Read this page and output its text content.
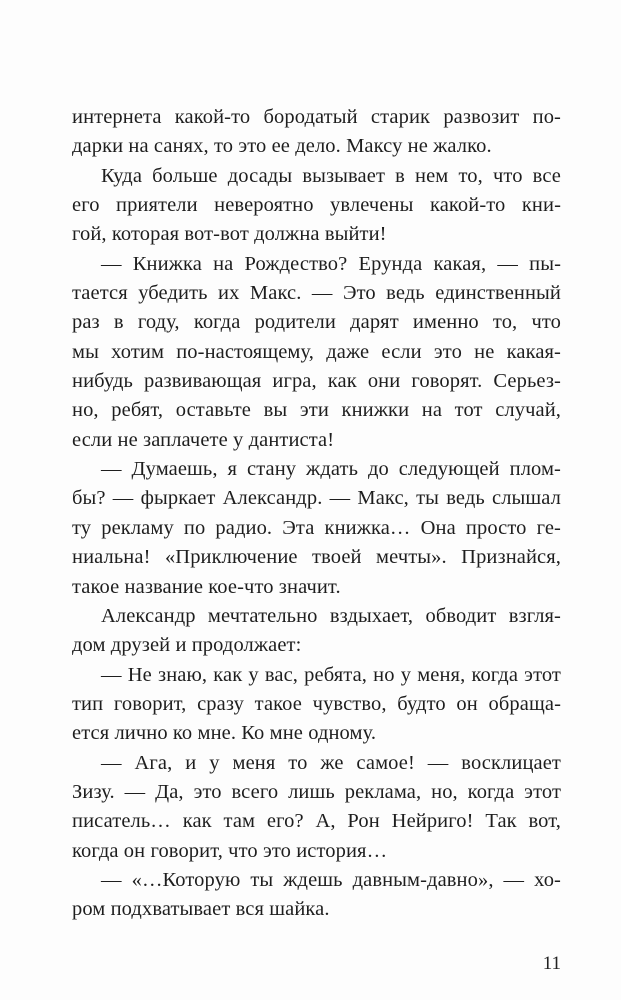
интернета какой-то бородатый старик развозит по-
дарки на санях, то это ее дело. Максу не жалко.
Куда больше досады вызывает в нем то, что все
его приятели невероятно увлечены какой-то кни-
гой, которая вот-вот должна выйти!
— Книжка на Рождество? Ерунда какая, — пы-
тается убедить их Макс. — Это ведь единственный
раз в году, когда родители дарят именно то, что
мы хотим по-настоящему, даже если это не какая-
нибудь развивающая игра, как они говорят. Серьез-
но, ребят, оставьте вы эти книжки на тот случай,
если не заплачете у дантиста!
— Думаешь, я стану ждать до следующей плом-
бы? — фыркает Александр. — Макс, ты ведь слышал
ту рекламу по радио. Эта книжка… Она просто ге-
ниальна! «Приключение твоей мечты». Признайся,
такое название кое-что значит.
Александр мечтательно вздыхает, обводит взгля-
дом друзей и продолжает:
— Не знаю, как у вас, ребята, но у меня, когда этот
тип говорит, сразу такое чувство, будто он обраща-
ется лично ко мне. Ко мне одному.
— Ага, и у меня то же самое! — восклицает
Зизу. — Да, это всего лишь реклама, но, когда этот
писатель… как там его? А, Рон Нейриго! Так вот,
когда он говорит, что это история…
— «…Которую ты ждешь давным-давно», — хо-
ром подхватывает вся шайка.
11
